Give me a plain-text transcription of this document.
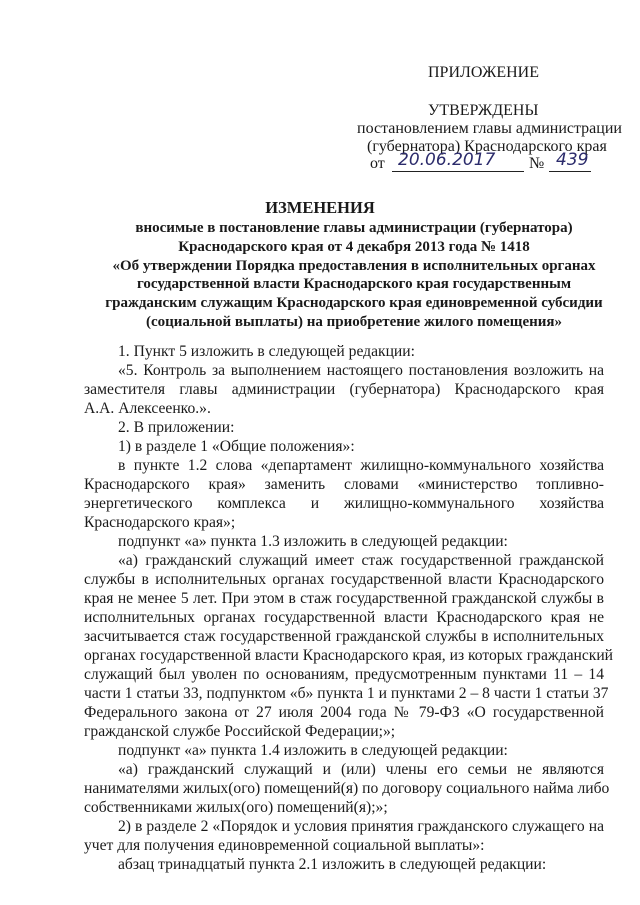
ПРИЛОЖЕНИЕ
УТВЕРЖДЕНЫ
постановлением главы администрации
(губернатора) Краснодарского края
от 20.06.2017 № 439
ИЗМЕНЕНИЯ
вносимые в постановление главы администрации (губернатора)
Краснодарского края от 4 декабря 2013 года № 1418
«Об утверждении Порядка предоставления в исполнительных органах
государственной власти Краснодарского края государственным
гражданским служащим Краснодарского края единовременной субсидии
(социальной выплаты) на приобретение жилого помещения»
1. Пункт 5 изложить в следующей редакции:
«5. Контроль за выполнением настоящего постановления возложить на
заместителя главы администрации (губернатора) Краснодарского края
А.А. Алексеенко.».
2. В приложении:
1) в разделе 1 «Общие положения»:
в пункте 1.2 слова «департамент жилищно-коммунального хозяйства
Краснодарского края» заменить словами «министерство топливно-
энергетического комплекса и жилищно-коммунального хозяйства
Краснодарского края»;
подпункт «а» пункта 1.3 изложить в следующей редакции:
«а) гражданский служащий имеет стаж государственной гражданской
службы в исполнительных органах государственной власти Краснодарского
края не менее 5 лет. При этом в стаж государственной гражданской службы в
исполнительных органах государственной власти Краснодарского края не
засчитывается стаж государственной гражданской службы в исполнительных
органах государственной власти Краснодарского края, из которых гражданский
служащий был уволен по основаниям, предусмотренным пунктами 11 – 14
части 1 статьи 33, подпунктом «б» пункта 1 и пунктами 2 – 8 части 1 статьи 37
Федерального закона от 27 июля 2004 года № 79-ФЗ «О государственной
гражданской службе Российской Федерации;»;
подпункт «а» пункта 1.4 изложить в следующей редакции:
«а) гражданский служащий и (или) члены его семьи не являются
нанимателями жилых(ого) помещений(я) по договору социального найма либо
собственниками жилых(ого) помещений(я);»;
2) в разделе 2 «Порядок и условия принятия гражданского служащего на
учет для получения единовременной социальной выплаты»:
абзац тринадцатый пункта 2.1 изложить в следующей редакции:
